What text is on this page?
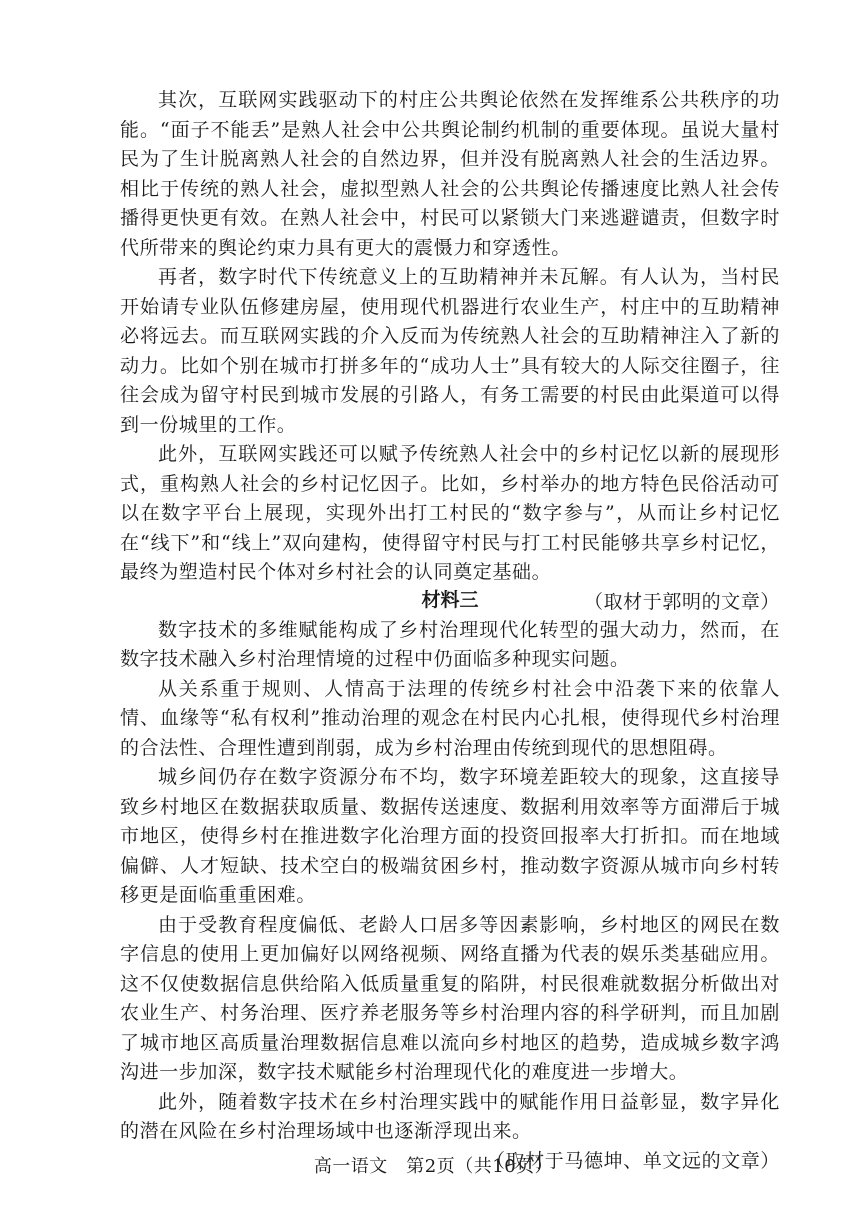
其次，互联网实践驱动下的村庄公共舆论依然在发挥维系公共秩序的功能。“面子不能丢”是熟人社会中公共舆论制约机制的重要体现。虽说大量村民为了生计脱离熟人社会的自然边界，但并没有脱离熟人社会的生活边界。相比于传统的熟人社会，虚拟型熟人社会的公共舆论传播速度比熟人社会传播得更快更有效。在熟人社会中，村民可以紧锁大门来逃避谴责，但数字时代所带来的舆论约束力具有更大的震慑力和穿透性。

再者，数字时代下传统意义上的互助精神并未瓦解。有人认为，当村民开始请专业队伍修建房屋，使用现代机器进行农业生产，村庄中的互助精神必将远去。而互联网实践的介入反而为传统熟人社会的互助精神注入了新的动力。比如个别在城市打拼多年的“成功人士”具有较大的人际交往圈子，往往会成为留守村民到城市发展的引路人，有务工需要的村民由此渠道可以得到一份城里的工作。

此外，互联网实践还可以赋予传统熟人社会中的乡村记忆以新的展现形式，重构熟人社会的乡村记忆因子。比如，乡村举办的地方特色民俗活动可以在数字平台上展现，实现外出打工村民的“数字参与”，从而让乡村记忆在“线下”和“线上”双向建构，使得留守村民与打工村民能够共享乡村记忆，最终为塑造村民个体对乡村社会的认同奠定基础。

（取材于郭明的文章）

材料三

数字技术的多维赋能构成了乡村治理现代化转型的强大动力，然而，在数字技术融入乡村治理情境的过程中仍面临多种现实问题。

从关系重于规则、人情高于法理的传统乡村社会中沿袭下来的依靠人情、血缘等“私有权利”推动治理的观念在村民内心扎根，使得现代乡村治理的合法性、合理性遭到削弱，成为乡村治理由传统到现代的思想阻碍。

城乡间仍存在数字资源分布不均，数字环境差距较大的现象，这直接导致乡村地区在数据获取质量、数据传送速度、数据利用效率等方面滞后于城市地区，使得乡村在推进数字化治理方面的投资回报率大打折扣。而在地域偏僻、人才短缺、技术空白的极端贫困乡村，推动数字资源从城市向乡村转移更是面临重重困难。

由于受教育程度偏低、老龄人口居多等因素影响，乡村地区的网民在数字信息的使用上更加偏好以网络视频、网络直播为代表的娱乐类基础应用。这不仅使数据信息供给陷入低质量重复的陷阱，村民很难就数据分析做出对农业生产、村务治理、医疗养老服务等乡村治理内容的科学研判，而且加剧了城市地区高质量治理数据信息难以流向乡村地区的趋势，造成城乡数字鸿沟进一步加深，数字技术赋能乡村治理现代化的难度进一步增大。

此外，随着数字技术在乡村治理实践中的赋能作用日益彰显，数字异化的潜在风险在乡村治理场域中也逐渐浮现出来。

（取材于马德坤、单文远的文章）

高一语文　第2页（共10页）
